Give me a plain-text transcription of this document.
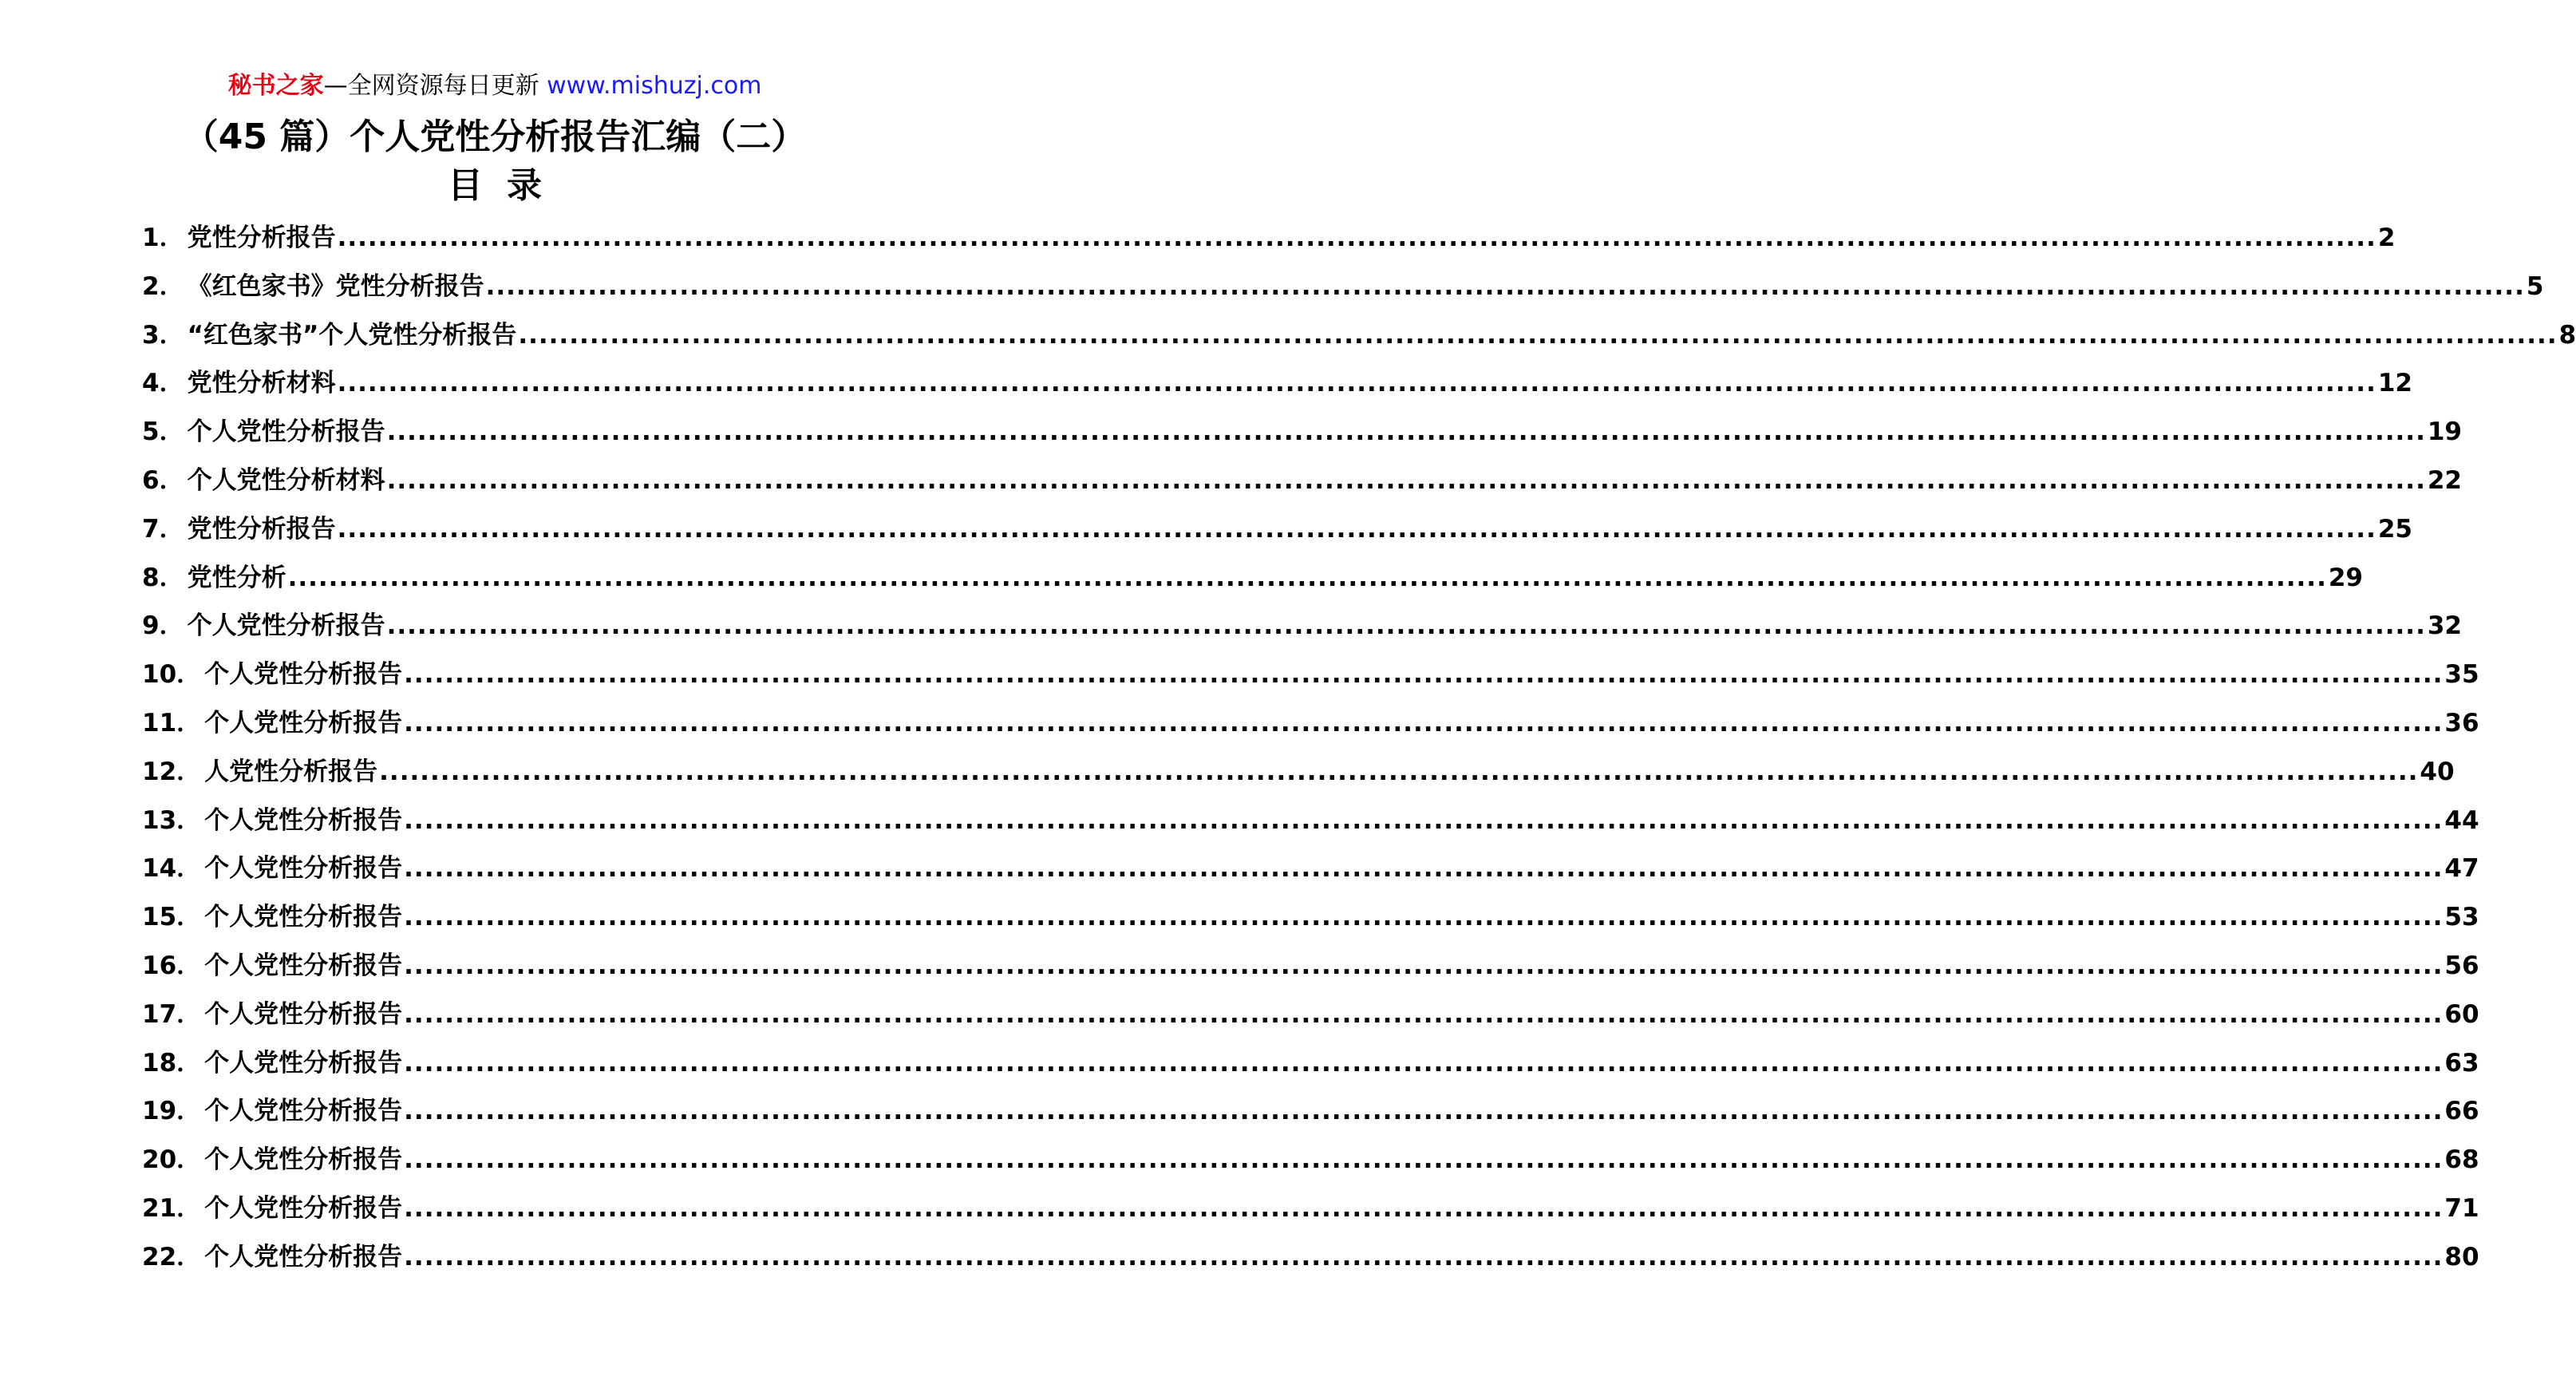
秘书之家—全网资源每日更新 www.mishuzj.com
（45 篇）个人党性分析报告汇编（二）
目录
1 ． 党性分析报告 ........................................................................................................................................................................................................ 2
2 ． 《红色家书》党性分析报告 ........................................................................................................................................................................................................ 5
3 ． “红色家书”个人党性分析报告 ........................................................................................................................................................................................................ 8
4 ． 党性分析材料 ........................................................................................................................................................................................................ 12
5 ． 个人党性分析报告 ........................................................................................................................................................................................................ 19
6 ． 个人党性分析材料 ........................................................................................................................................................................................................ 22
7 ． 党性分析报告 ........................................................................................................................................................................................................ 25
8 ． 党性分析 ........................................................................................................................................................................................................ 29
9 ． 个人党性分析报告 ........................................................................................................................................................................................................ 32
10 ． 个人党性分析报告 ........................................................................................................................................................................................................ 35
11 ． 个人党性分析报告 ........................................................................................................................................................................................................ 36
12 ． 人党性分析报告 ........................................................................................................................................................................................................ 40
13 ． 个人党性分析报告 ........................................................................................................................................................................................................ 44
14 ． 个人党性分析报告 ........................................................................................................................................................................................................ 47
15 ． 个人党性分析报告 ........................................................................................................................................................................................................ 53
16 ． 个人党性分析报告 ........................................................................................................................................................................................................ 56
17 ． 个人党性分析报告 ........................................................................................................................................................................................................ 60
18 ． 个人党性分析报告 ........................................................................................................................................................................................................ 63
19 ． 个人党性分析报告 ........................................................................................................................................................................................................ 66
20 ． 个人党性分析报告 ........................................................................................................................................................................................................ 68
21 ． 个人党性分析报告 ........................................................................................................................................................................................................ 71
22 ． 个人党性分析报告 ........................................................................................................................................................................................................ 80
